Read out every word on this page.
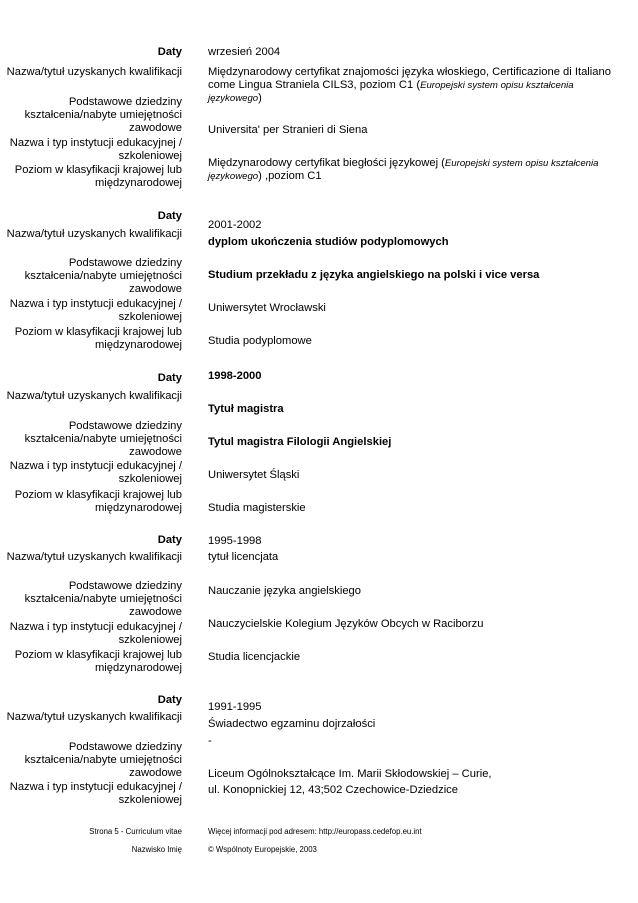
Daty
Nazwa/tytuł uzyskanych kwalifikacji
Podstawowe dziedziny kształcenia/nabyte umiejętności zawodowe
Nazwa i typ instytucji edukacyjnej / szkoleniowej
Poziom w klasyfikacji krajowej lub międzynarodowej
wrzesień 2004
Międzynarodowy certyfikat znajomości języka włoskiego, Certificazione di Italiano come Lingua Straniela CILS3, poziom C1 (Europejski system opisu kształcenia językowego)
Universita' per Stranieri di Siena
Międzynarodowy certyfikat biegłości językowej (Europejski system opisu kształcenia językowego) ,poziom C1
Daty
Nazwa/tytuł uzyskanych kwalifikacji
Podstawowe dziedziny kształcenia/nabyte umiejętności zawodowe
Nazwa i typ instytucji edukacyjnej / szkoleniowej
Poziom w klasyfikacji krajowej lub międzynarodowej
2001-2002
dyplom ukończenia studiów podyplomowych
Studium przekładu z języka angielskiego na polski i vice versa
Uniwersytet Wrocławski
Studia podyplomowe
Daty
Nazwa/tytuł uzyskanych kwalifikacji
Podstawowe dziedziny kształcenia/nabyte umiejętności zawodowe
Nazwa i typ instytucji edukacyjnej / szkoleniowej
Poziom w klasyfikacji krajowej lub międzynarodowej
1998-2000
Tytuł magistra
Tytul magistra Filologii Angielskiej
Uniwersytet Śląski
Studia magisterskie
Daty
Nazwa/tytuł uzyskanych kwalifikacji
Podstawowe dziedziny kształcenia/nabyte umiejętności zawodowe
Nazwa i typ instytucji edukacyjnej / szkoleniowej
Poziom w klasyfikacji krajowej lub międzynarodowej
1995-1998
tytuł licencjata
Nauczanie języka angielskiego
Nauczycielskie Kolegium Języków Obcych w Raciborzu
Studia licencjackie
Daty
Nazwa/tytuł uzyskanych kwalifikacji
Podstawowe dziedziny kształcenia/nabyte umiejętności zawodowe
Nazwa i typ instytucji edukacyjnej / szkoleniowej
1991-1995
Świadectwo egzaminu dojrzałości
-
Liceum Ogólnokształcące Im. Marii Skłodowskiej – Curie,
ul. Konopnickiej 12, 43;502 Czechowice-Dziedzice
Strona 5 - Curriculum vitae
Nazwisko Imię
Więcej informacji pod adresem: http://europass.cedefop.eu.int
© Wspólnoty Europejskie, 2003
